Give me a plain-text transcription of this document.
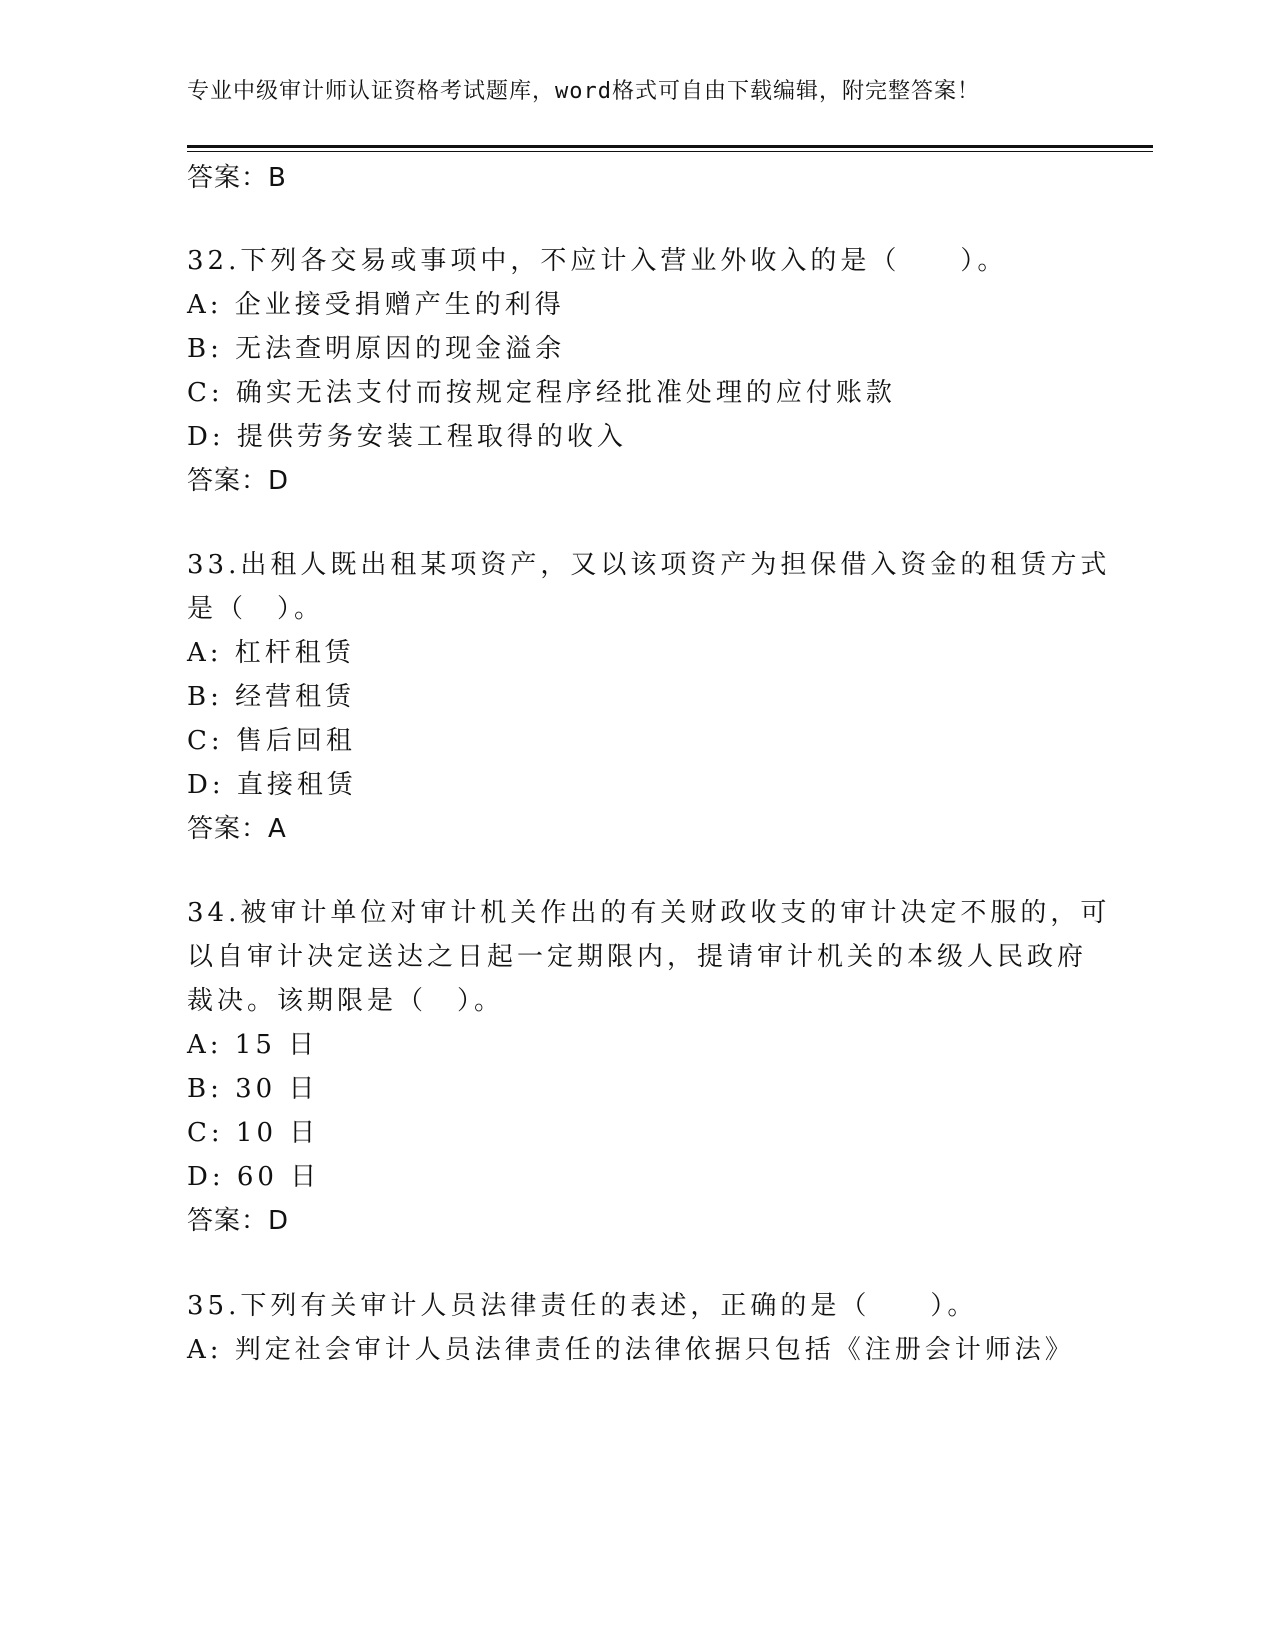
专业中级审计师认证资格考试题库，word格式可自由下载编辑，附完整答案！
答案：B
32.下列各交易或事项中，不应计入营业外收入的是（　　）。
A: 企业接受捐赠产生的利得
B: 无法查明原因的现金溢余
C: 确实无法支付而按规定程序经批准处理的应付账款
D: 提供劳务安装工程取得的收入
答案：D
33.出租人既出租某项资产，又以该项资产为担保借入资金的租赁方式
是（　）。
A: 杠杆租赁
B: 经营租赁
C: 售后回租
D: 直接租赁
答案：A
34.被审计单位对审计机关作出的有关财政收支的审计决定不服的，可
以自审计决定送达之日起一定期限内，提请审计机关的本级人民政府
裁决。该期限是（　）。
A: 15 日
B: 30 日
C: 10 日
D: 60 日
答案：D
35.下列有关审计人员法律责任的表述，正确的是（　　）。
A: 判定社会审计人员法律责任的法律依据只包括《注册会计师法》
